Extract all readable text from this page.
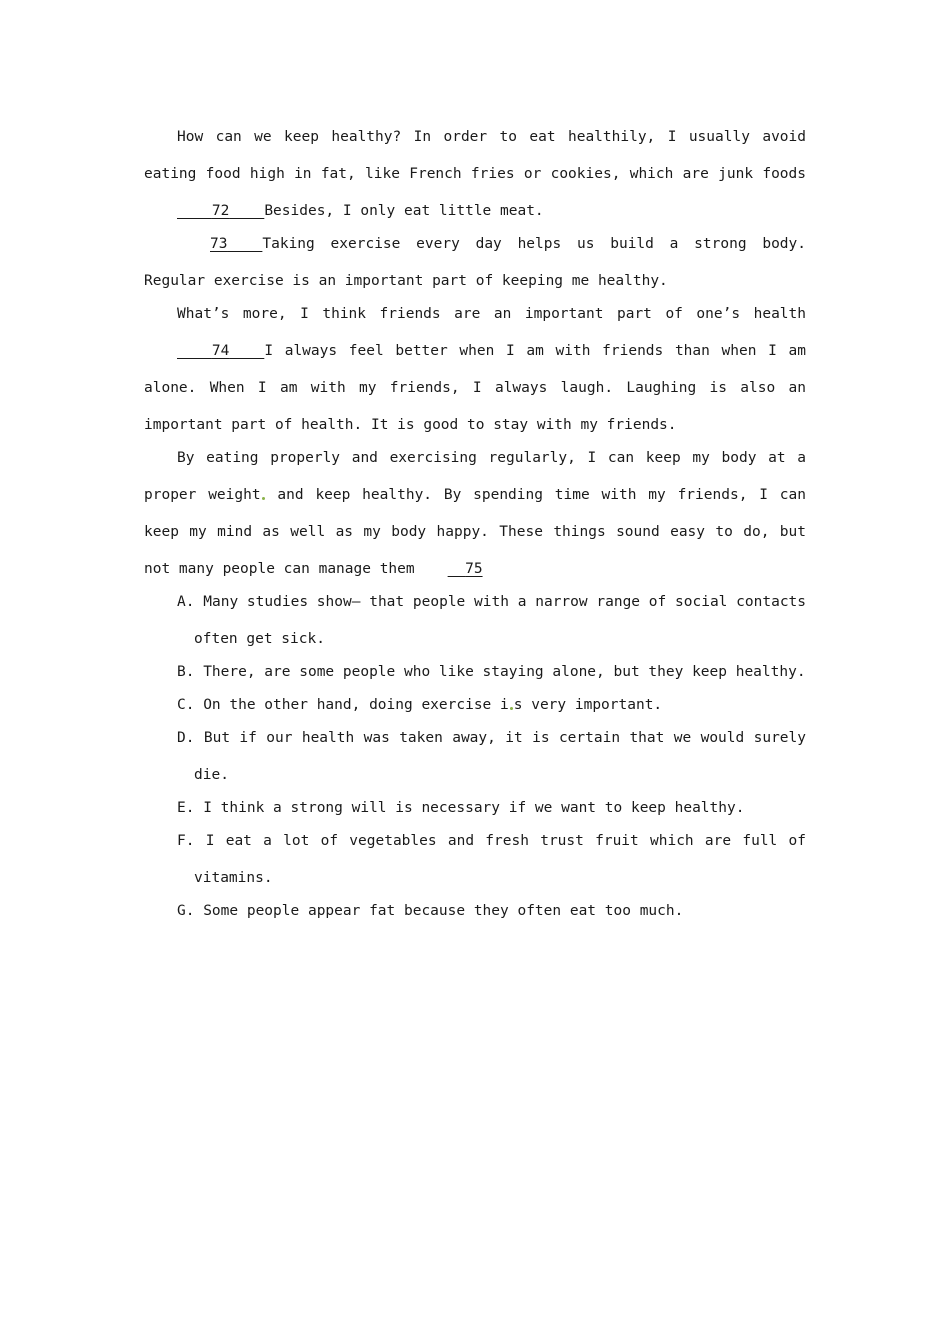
How can we keep healthy? In order to eat healthily, I usually avoid eating food high in fat, like French fries or cookies, which are junk foods    72 Besides, I only eat little meat.

73 Taking exercise every day helps us build a strong body. Regular exercise is an important part of keeping me healthy.

What’s more, I think friends are an important part of one’s health    74 I always feel better when I am with friends than when I am alone. When I am with my friends, I always laugh. Laughing is also an important part of health. It is good to stay with my friends.

By eating properly and exercising regularly, I can keep my body at a proper weight and keep healthy. By spending time with my friends, I can keep my mind as well as my body happy. These things sound easy to do, but not many people can manage them	75

A. Many studies show— that people with a narrow range of social contacts often get sick.
B. There, are some people who like staying alone, but they keep healthy.
C. On the other hand, doing exercise i s very important.
D. But if our health was taken away, it is certain that we would surely die.
E. I think a strong will is necessary if we want to keep healthy.
F. I eat a lot of vegetables and fresh trust fruit which are full of vitamins.
G. Some people appear fat because they often eat too much.
